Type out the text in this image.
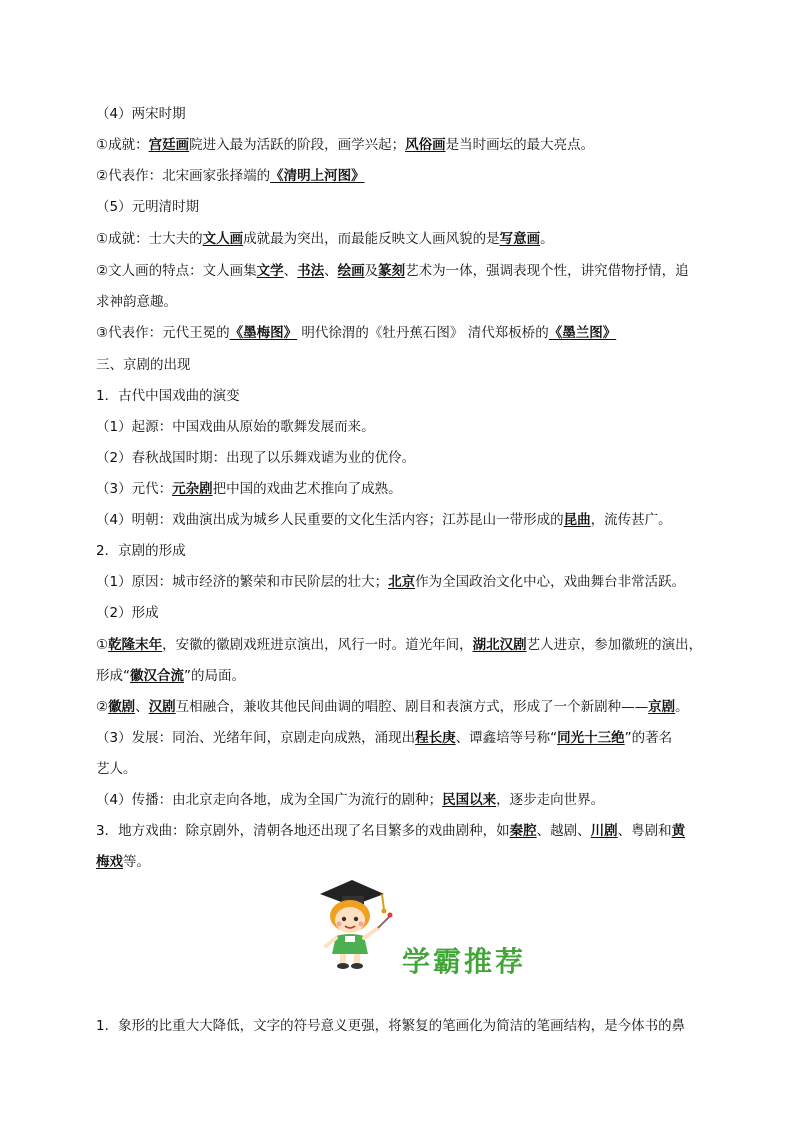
（4）两宋时期
①成就：宫廷画院进入最为活跃的阶段，画学兴起；风俗画是当时画坛的最大亮点。
②代表作：北宋画家张择端的《清明上河图》
（5）元明清时期
①成就：士大夫的文人画成就最为突出，而最能反映文人画风貌的是写意画。
②文人画的特点：文人画集文学、书法、绘画及篆刻艺术为一体，强调表现个性，讲究借物抒情，追
求神韵意趣。
③代表作：元代王冕的《墨梅图》 明代徐渭的《牡丹蕉石图》 清代郑板桥的《墨兰图》
三、京剧的出现
1．古代中国戏曲的演变
（1）起源：中国戏曲从原始的歌舞发展而来。
（2）春秋战国时期：出现了以乐舞戏谑为业的优伶。
（3）元代：元杂剧把中国的戏曲艺术推向了成熟。
（4）明朝：戏曲演出成为城乡人民重要的文化生活内容；江苏昆山一带形成的昆曲，流传甚广。
2．京剧的形成
（1）原因：城市经济的繁荣和市民阶层的壮大；北京作为全国政治文化中心，戏曲舞台非常活跃。
（2）形成
①乾隆末年，安徽的徽剧戏班进京演出，风行一时。道光年间，湖北汉剧艺人进京，参加徽班的演出，
形成“徽汉合流”的局面。
②徽剧、汉剧互相融合，兼收其他民间曲调的唱腔、剧目和表演方式，形成了一个新剧种——京剧。
（3）发展：同治、光绪年间，京剧走向成熟，涌现出程长庚、谭鑫培等号称“同光十三绝”的著名
艺人。
（4）传播：由北京走向各地，成为全国广为流行的剧种；民国以来，逐步走向世界。
3．地方戏曲：除京剧外，清朝各地还出现了名目繁多的戏曲剧种，如秦腔、越剧、川剧、粤剧和黄
梅戏等。
1．象形的比重大大降低，文字的符号意义更强，将繁复的笔画化为简洁的笔画结构，是今体书的鼻
学霸推荐
